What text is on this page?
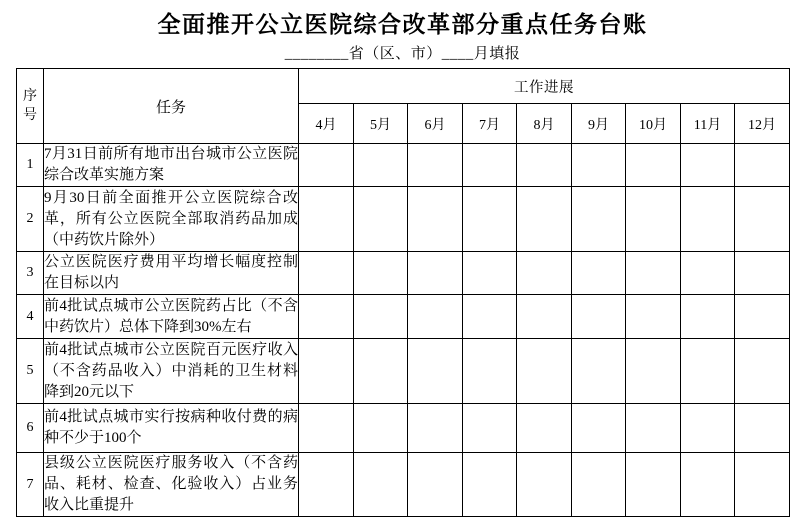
全面推开公立医院综合改革部分重点任务台账
________省（区、市）____月填报
序号	任务	工作进展								
		4月	5月	6月	7月	8月	9月	10月	11月	12月
1	7月31日前所有地市出台城市公立医院综合改革实施方案									
2	9月30日前全面推开公立医院综合改革，所有公立医院全部取消药品加成（中药饮片除外）									
3	公立医院医疗费用平均增长幅度控制在目标以内									
4	前4批试点城市公立医院药占比（不含中药饮片）总体下降到30%左右									
5	前4批试点城市公立医院百元医疗收入（不含药品收入）中消耗的卫生材料降到20元以下									
6	前4批试点城市实行按病种收付费的病种不少于100个									
7	县级公立医院医疗服务收入（不含药品、耗材、检查、化验收入）占业务收入比重提升									
